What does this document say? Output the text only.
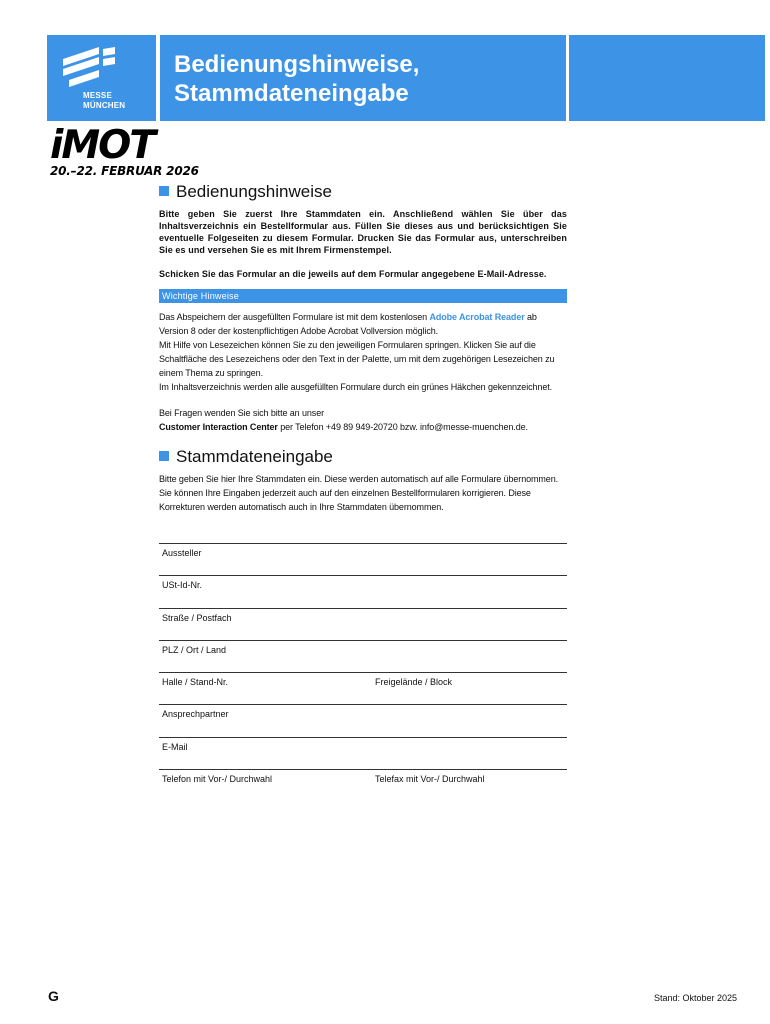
MESSE
MÜNCHEN
Bedienungshinweise,
Stammdateneingabe
iMOT
20.–22. FEBRUAR 2026
Bedienungshinweise
Bitte geben Sie zuerst Ihre Stammdaten ein. Anschließend wählen Sie über das Inhaltsverzeichnis ein Bestellformular aus. Füllen Sie dieses aus und berücksichtigen Sie eventuelle Folgeseiten zu diesem Formular. Drucken Sie das Formular aus, unterschreiben Sie es und versehen Sie es mit Ihrem Firmenstempel.
Schicken Sie das Formular an die jeweils auf dem Formular angegebene E-Mail-Adresse.
Wichtige Hinweise
Das Abspeichern der ausgefüllten Formulare ist mit dem kostenlosen Adobe Acrobat Reader ab Version 8 oder der kostenpflichtigen Adobe Acrobat Vollversion möglich.
Mit Hilfe von Lesezeichen können Sie zu den jeweiligen Formularen springen. Klicken Sie auf die Schaltfläche des Lesezeichens oder den Text in der Palette, um mit dem zugehörigen Lesezeichen zu einem Thema zu springen.
Im Inhaltsverzeichnis werden alle ausgefüllten Formulare durch ein grünes Häkchen gekennzeichnet.
Bei Fragen wenden Sie sich bitte an unser
Customer Interaction Center per Telefon +49 89 949-20720 bzw. info@messe-muenchen.de.
Stammdateneingabe
Bitte geben Sie hier Ihre Stammdaten ein. Diese werden automatisch auf alle Formulare übernommen. Sie können Ihre Eingaben jederzeit auch auf den einzelnen Bestellformularen korrigieren. Diese Korrekturen werden automatisch auch in Ihre Stammdaten übernommen.
Aussteller
USt-Id-Nr.
Straße / Postfach
PLZ / Ort / Land
Halle / Stand-Nr.	Freigelände / Block
Ansprechpartner
E-Mail
Telefon mit Vor-/ Durchwahl	Telefax mit Vor-/ Durchwahl
G	Stand: Oktober 2025
